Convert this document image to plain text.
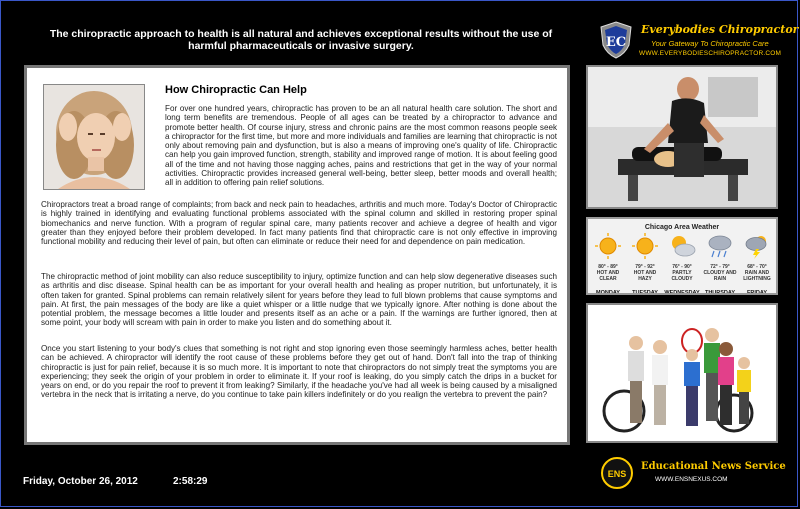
The chiropractic approach to health is all natural and achieves exceptional results without the use of harmful pharmaceuticals or invasive surgery.	EC
Everybodies Chiropractor
Your Gateway To Chiropractic Care
WWW.EVERYBODIESCHIROPRACTOR.COM
How Chiropractic Can Help
For over one hundred years, chiropractic has proven to be an all natural health care solution. The short and long term benefits are tremendous. People of all ages can be treated by a chiropractor to advance and promote better health. Of course injury, stress and chronic pains are the most common reasons people seek a chiropractor for the first time, but more and more individuals and families are learning that chiropractic is not only about removing pain and dysfunction, but is also a means of improving one's quality of life. Chiropractic can help you gain improved function, strength, stability and improved range of motion. It is about feeling good all of the time and not having those nagging aches, pains and restrictions that get in the way of your normal activities. Chiropractic provides increased general well-being, better sleep, better moods and overall health; all in addition to offering pain relief solutions.
Chiropractors treat a broad range of complaints; from back and neck pain to headaches, arthritis and much more. Today's Doctor of Chiropractic is highly trained in identifying and evaluating functional problems associated with the spinal column and skilled in restoring proper spinal biomechanics and nerve function. With a program of regular spinal care, many patients recover and achieve a degree of health and vigor greater than they enjoyed before their problem developed. In fact many patients find that chiropractic care is not only effective in improving functional mobility and reducing their level of pain, but often can eliminate or reduce their need for and dependence on pain medication.
The chiropractic method of joint mobility can also reduce susceptibility to injury, optimize function and can help slow degenerative diseases such as arthritis and disc disease. Spinal health can be as important for your overall health and healing as proper nutrition, but unfortunately, it is often taken for granted. Spinal problems can remain relatively silent for years before they lead to full blown problems that cause symptoms and pain. At first, the pain messages of the body are like a quiet whisper or a little nudge that we typically ignore. After nothing is done about the potential problem, the message becomes a little louder and presents itself as an ache or a pain. If the warnings are further ignored, then at some point, your body will scream with pain in order to make you listen and do something about it.
Once you start listening to your body's clues that something is not right and stop ignoring even those seemingly harmless aches, better health can be achieved. A chiropractor will identify the root cause of these problems before they get out of hand. Don't fall into the trap of thinking chiropractic is just for pain relief, because it is so much more. It is important to note that chiropractors do not simply treat the symptoms you are experiencing; they seek the origin of your problem in order to eliminate it. If your roof is leaking, do you simply catch the drips in a bucket for years on end, or do you repair the roof to prevent it from leaking? Similarly, if the headache you've had all week is being caused by a misaligned vertebra in the neck that is irritating a nerve, do you continue to take pain killers indefinitely or do you realign the vertebra to prevent the pain?
Chicago Area Weather
80° - 89°
HOT AND CLEAR
MONDAY
79° - 92°
HOT AND HAZY
TUESDAY
76° - 90°
PARTLY CLOUDY
WEDNESDAY
72° - 79°
CLOUDY AND RAIN
THURSDAY
68° - 70°
RAIN AND LIGHTNING
FRIDAY
Friday, October 26, 2012	2:58:29
ENS
Educational News Service
WWW.ENSNEXUS.COM
